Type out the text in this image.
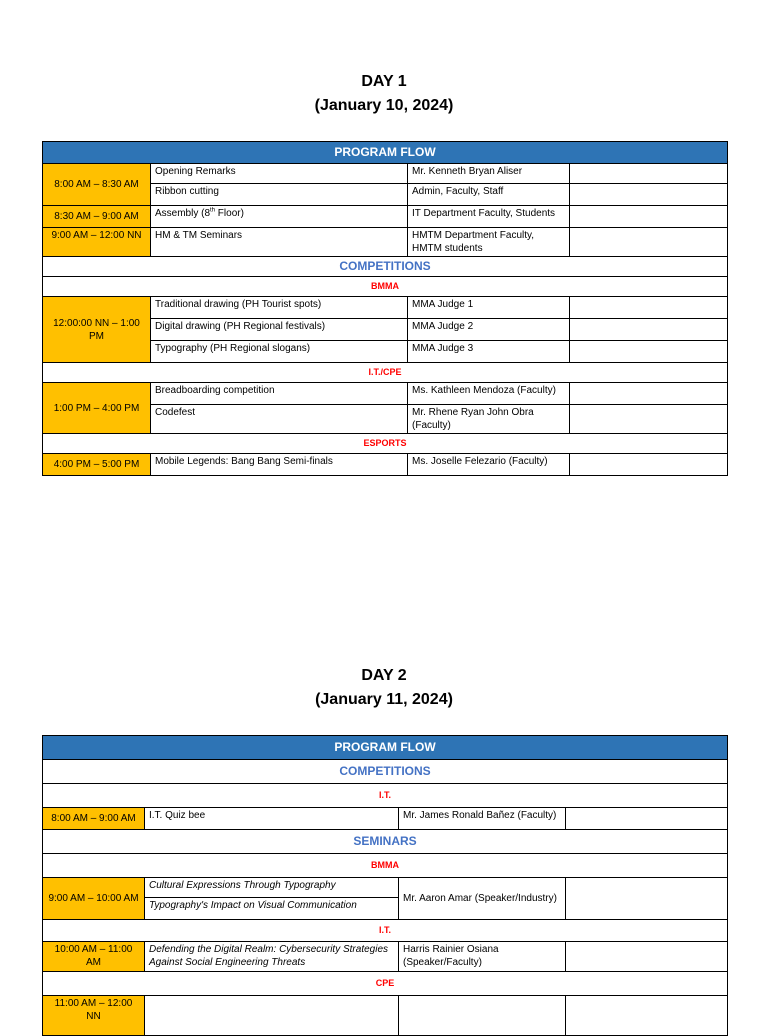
DAY 1
(January 10, 2024)
PROGRAM FLOW			
8:00 AM – 8:30 AM	Opening Remarks	Mr. Kenneth Bryan Aliser	
	Ribbon cutting	Admin, Faculty, Staff	
8:30 AM – 9:00 AM	Assembly (8th Floor)	IT Department Faculty, Students	
9:00 AM – 12:00 NN	HM & TM Seminars	HMTM Department Faculty, HMTM students	
COMPETITIONS			
BMMA			
12:00:00 NN – 1:00 PM	Traditional drawing (PH Tourist spots)	MMA Judge 1	
	Digital drawing (PH Regional festivals)	MMA Judge 2	
	Typography (PH Regional slogans)	MMA Judge 3	
I.T./CPE			
1:00 PM – 4:00 PM	Breadboarding competition	Ms. Kathleen Mendoza (Faculty)	
	Codefest	Mr. Rhene Ryan John Obra (Faculty)	
ESPORTS			
4:00 PM – 5:00 PM	Mobile Legends: Bang Bang Semi-finals	Ms. Joselle Felezario (Faculty)	
DAY 2
(January 11, 2024)
PROGRAM FLOW			
COMPETITIONS			
I.T.			
8:00 AM – 9:00 AM	I.T. Quiz bee	Mr. James Ronald Bañez (Faculty)	
SEMINARS			
BMMA			
9:00 AM – 10:00 AM	Cultural Expressions Through Typography	Mr. Aaron Amar (Speaker/Industry)	
	Typography's Impact on Visual Communication		
I.T.			
10:00 AM – 11:00 AM	Defending the Digital Realm: Cybersecurity Strategies Against Social Engineering Threats	Harris Rainier Osiana (Speaker/Faculty)	
CPE			
11:00 AM – 12:00 NN			
